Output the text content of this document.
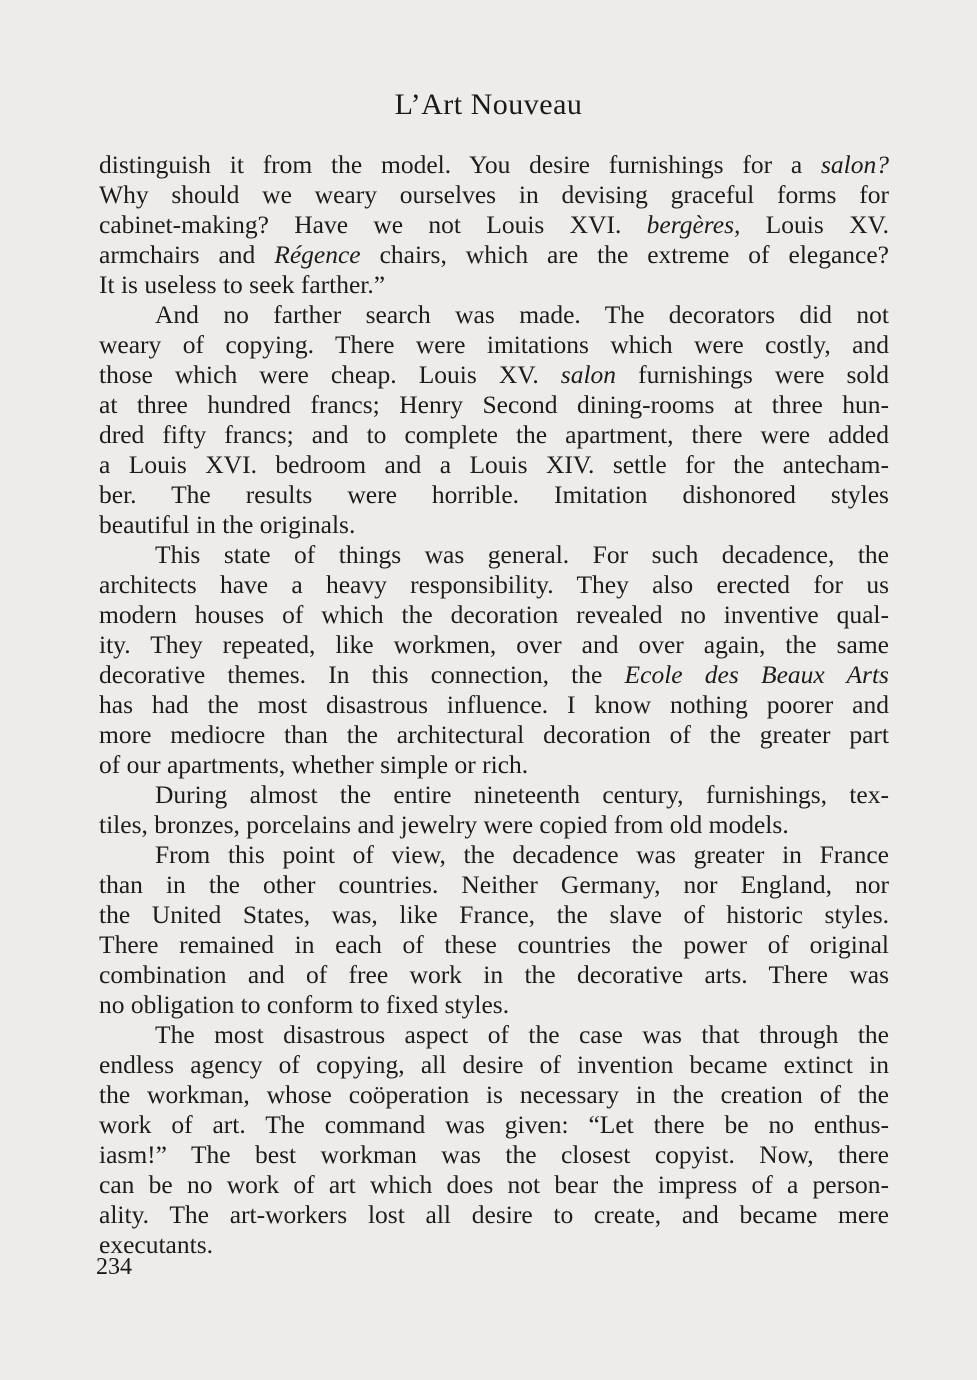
L’Art Nouveau
distinguish it from the model. You desire furnishings for a salon?
Why should we weary ourselves in devising graceful forms for
cabinet-making? Have we not Louis XVI. bergères, Louis XV.
armchairs and Régence chairs, which are the extreme of elegance?
It is useless to seek farther.”
And no farther search was made. The decorators did not
weary of copying. There were imitations which were costly, and
those which were cheap. Louis XV. salon furnishings were sold
at three hundred francs; Henry Second dining-rooms at three hun-
dred fifty francs; and to complete the apartment, there were added
a Louis XVI. bedroom and a Louis XIV. settle for the antecham-
ber. The results were horrible. Imitation dishonored styles
beautiful in the originals.
This state of things was general. For such decadence, the
architects have a heavy responsibility. They also erected for us
modern houses of which the decoration revealed no inventive qual-
ity. They repeated, like workmen, over and over again, the same
decorative themes. In this connection, the Ecole des Beaux Arts
has had the most disastrous influence. I know nothing poorer and
more mediocre than the architectural decoration of the greater part
of our apartments, whether simple or rich.
During almost the entire nineteenth century, furnishings, tex-
tiles, bronzes, porcelains and jewelry were copied from old models.
From this point of view, the decadence was greater in France
than in the other countries. Neither Germany, nor England, nor
the United States, was, like France, the slave of historic styles.
There remained in each of these countries the power of original
combination and of free work in the decorative arts. There was
no obligation to conform to fixed styles.
The most disastrous aspect of the case was that through the
endless agency of copying, all desire of invention became extinct in
the workman, whose coöperation is necessary in the creation of the
work of art. The command was given: “Let there be no enthus-
iasm!” The best workman was the closest copyist. Now, there
can be no work of art which does not bear the impress of a person-
ality. The art-workers lost all desire to create, and became mere
executants.
234
